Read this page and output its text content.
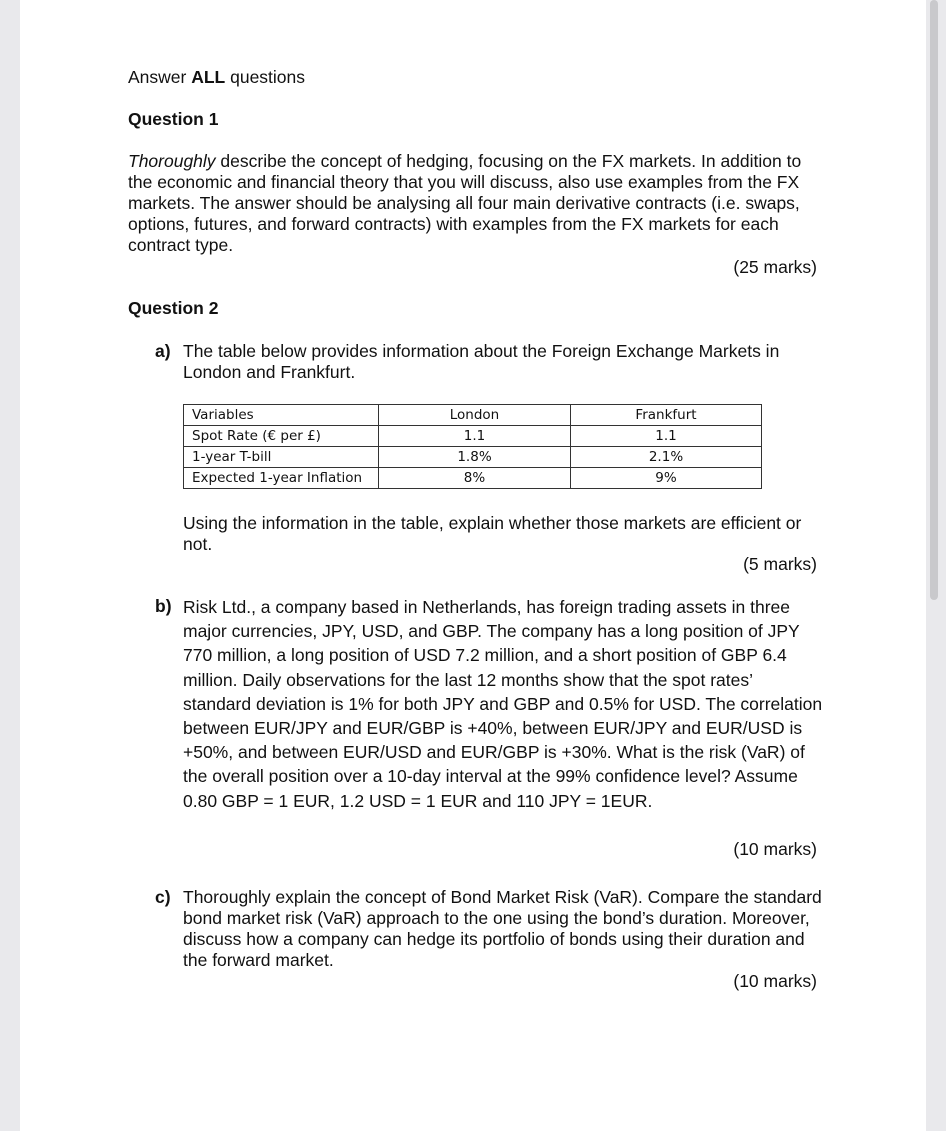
Answer ALL questions

Question 1

Thoroughly describe the concept of hedging, focusing on the FX markets. In addition to the economic and financial theory that you will discuss, also use examples from the FX markets. The answer should be analysing all four main derivative contracts (i.e. swaps, options, futures, and forward contracts) with examples from the FX markets for each contract type.

(25 marks)

Question 2

a) The table below provides information about the Foreign Exchange Markets in London and Frankfurt.
Variables	London	Frankfurt
Spot Rate (€ per £)	1.1	1.1
1-year T-bill	1.8%	2.1%
Expected 1-year Inflation	8%	9%
Using the information in the table, explain whether those markets are efficient or not.
(5 marks)
b) Risk Ltd., a company based in Netherlands, has foreign trading assets in three major currencies, JPY, USD, and GBP. The company has a long position of JPY 770 million, a long position of USD 7.2 million, and a short position of GBP 6.4 million. Daily observations for the last 12 months show that the spot rates’ standard deviation is 1% for both JPY and GBP and 0.5% for USD. The correlation between EUR/JPY and EUR/GBP is +40%, between EUR/JPY and EUR/USD is +50%, and between EUR/USD and EUR/GBP is +30%. What is the risk (VaR) of the overall position over a 10-day interval at the 99% confidence level? Assume 0.80 GBP = 1 EUR, 1.2 USD = 1 EUR and 110 JPY = 1EUR.
(10 marks)
c) Thoroughly explain the concept of Bond Market Risk (VaR). Compare the standard bond market risk (VaR) approach to the one using the bond’s duration. Moreover, discuss how a company can hedge its portfolio of bonds using their duration and the forward market.
(10 marks)
